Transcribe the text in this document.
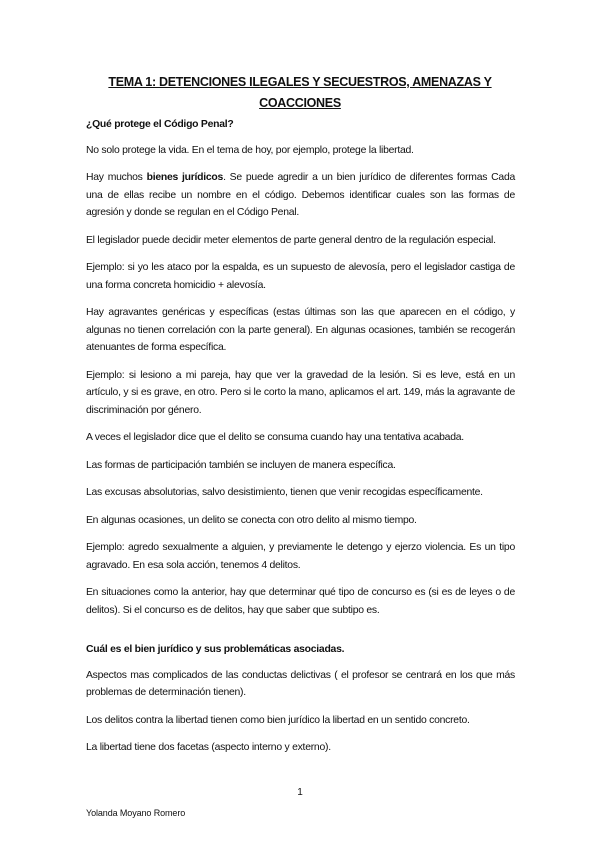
TEMA 1: DETENCIONES ILEGALES Y SECUESTROS, AMENAZAS Y COACCIONES
¿Qué protege el Código Penal?

No solo protege la vida. En el tema de hoy, por ejemplo, protege la libertad.

Hay muchos bienes jurídicos. Se puede agredir a un bien jurídico de diferentes formas Cada una de ellas recibe un nombre en el código. Debemos identificar cuales son las formas de agresión y donde se regulan en el Código Penal.

El legislador puede decidir meter elementos de parte general dentro de la regulación especial.

Ejemplo: si yo les ataco por la espalda, es un supuesto de alevosía, pero el legislador castiga de una forma concreta homicidio + alevosía.

Hay agravantes genéricas y específicas (estas últimas son las que aparecen en el código, y algunas no tienen correlación con la parte general). En algunas ocasiones, también se recogerán atenuantes de forma específica.

Ejemplo: si lesiono a mi pareja, hay que ver la gravedad de la lesión. Si es leve, está en un artículo, y si es grave, en otro. Pero si le corto la mano, aplicamos el art. 149, más la agravante de discriminación por género.

A veces el legislador dice que el delito se consuma cuando hay una tentativa acabada.

Las formas de participación también se incluyen de manera específica.

Las excusas absolutorias, salvo desistimiento, tienen que venir recogidas específicamente.

En algunas ocasiones, un delito se conecta con otro delito al mismo tiempo.

Ejemplo: agredo sexualmente a alguien, y previamente le detengo y ejerzo violencia. Es un tipo agravado. En esa sola acción, tenemos 4 delitos.

En situaciones como la anterior, hay que determinar qué tipo de concurso es (si es de leyes o de delitos). Si el concurso es de delitos, hay que saber que subtipo es.

Cuál es el bien jurídico y sus problemáticas asociadas.

Aspectos mas complicados de las conductas delictivas ( el profesor se centrará en los que más problemas de determinación tienen).

Los delitos contra la libertad tienen como bien jurídico la libertad en un sentido concreto.

La libertad tiene dos facetas (aspecto interno y externo).

1
Yolanda Moyano Romero
